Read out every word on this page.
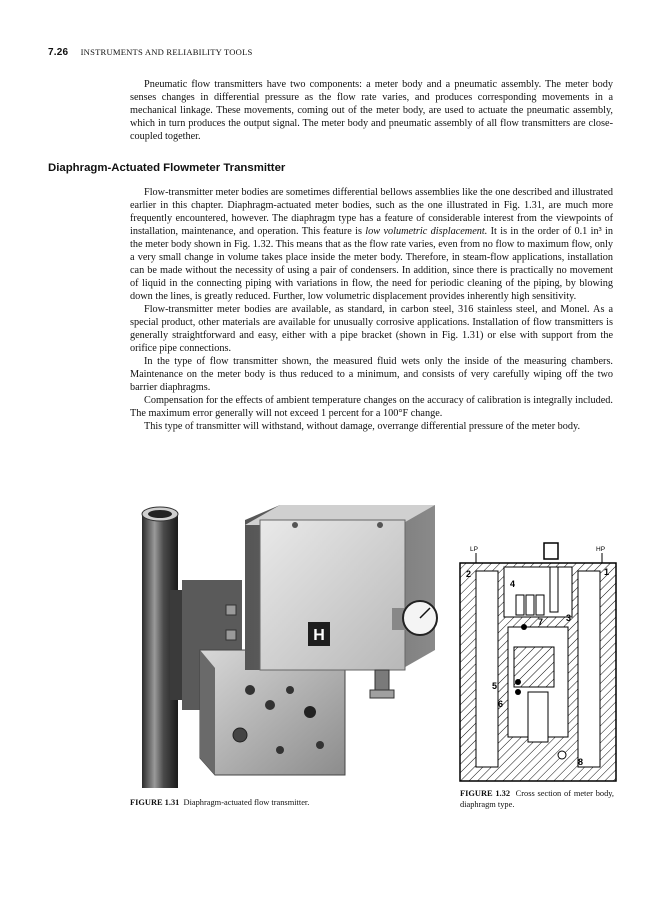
7.26 INSTRUMENTS AND RELIABILITY TOOLS

Pneumatic flow transmitters have two components: a meter body and a pneumatic assembly. The meter body senses changes in differential pressure as the flow rate varies, and produces corresponding movements in a mechanical linkage. These movements, coming out of the meter body, are used to actuate the pneumatic assembly, which in turn produces the output signal. The meter body and pneumatic assembly of all flow transmitters are close-coupled together.

Diaphragm-Actuated Flowmeter Transmitter

Flow-transmitter meter bodies are sometimes differential bellows assemblies like the one described and illustrated earlier in this chapter. Diaphragm-actuated meter bodies, such as the one illustrated in Fig. 1.31, are much more frequently encountered, however. The diaphragm type has a feature of considerable interest from the viewpoints of installation, maintenance, and operation. This feature is low volumetric displacement. It is in the order of 0.1 in³ in the meter body shown in Fig. 1.32. This means that as the flow rate varies, even from no flow to maximum flow, only a very small change in volume takes place inside the meter body. Therefore, in steam-flow applications, installation can be made without the necessity of using a pair of condensers. In addition, since there is practically no movement of liquid in the connecting piping with variations in flow, the need for periodic cleaning of the piping, by blowing down the lines, is greatly reduced. Further, low volumetric displacement provides inherently high sensitivity.

Flow-transmitter meter bodies are available, as standard, in carbon steel, 316 stainless steel, and Monel. As a special product, other materials are available for unusually corrosive applications. Installation of flow transmitters is generally straightforward and easy, either with a pipe bracket (shown in Fig. 1.31) or else with support from the orifice pipe connections.

In the type of flow transmitter shown, the measured fluid wets only the inside of the measuring chambers. Maintenance on the meter body is thus reduced to a minimum, and consists of very carefully wiping off the two barrier diaphragms.

Compensation for the effects of ambient temperature changes on the accuracy of calibration is integrally included. The maximum error generally will not exceed 1 percent for a 100°F change.

This type of transmitter will withstand, without damage, overrange differential pressure of the meter body.

H
LP	HP
1
2
3
4
5
6
7
8
FIGURE 1.31 Diaphragm-actuated flow transmitter.
FIGURE 1.32 Cross section of meter body, diaphragm type.
